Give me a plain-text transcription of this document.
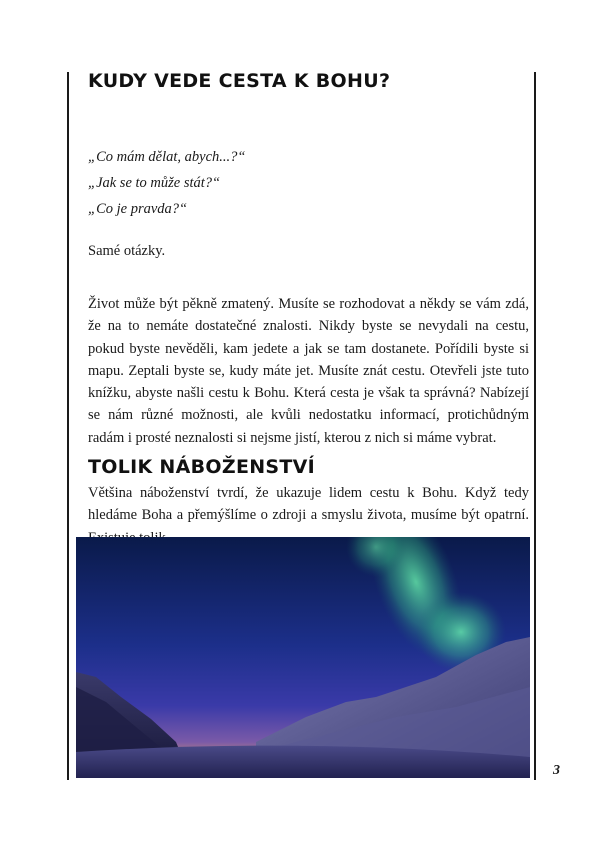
KUDY VEDE CESTA K BOHU?
„Co mám dělat, abych...?“
„Jak se to může stát?“
„Co je pravda?“
Samé otázky.

Život může být pěkně zmatený. Musíte se rozhodovat a někdy se vám zdá, že na to nemáte dostatečné znalosti. Nikdy byste se nevydali na cestu, pokud byste nevěděli, kam jedete a jak se tam dostanete. Pořídili byste si mapu. Zeptali byste se, kudy máte jet. Musíte znát cestu. Otevřeli jste tuto knížku, abyste našli cestu k Bohu. Která cesta je však ta správná? Nabízejí se nám různé možnosti, ale kvůli nedostatku informací, protichůdným radám i prosté neznalosti si nejsme jistí, kterou z nich si máme vybrat.

TOLIK NÁBOŽENSTVÍ

Většina náboženství tvrdí, že ukazuje lidem cestu k Bohu. Když tedy hledáme Boha a přemýšlíme o zdroji a smyslu života, musíme být opatrní.

3
